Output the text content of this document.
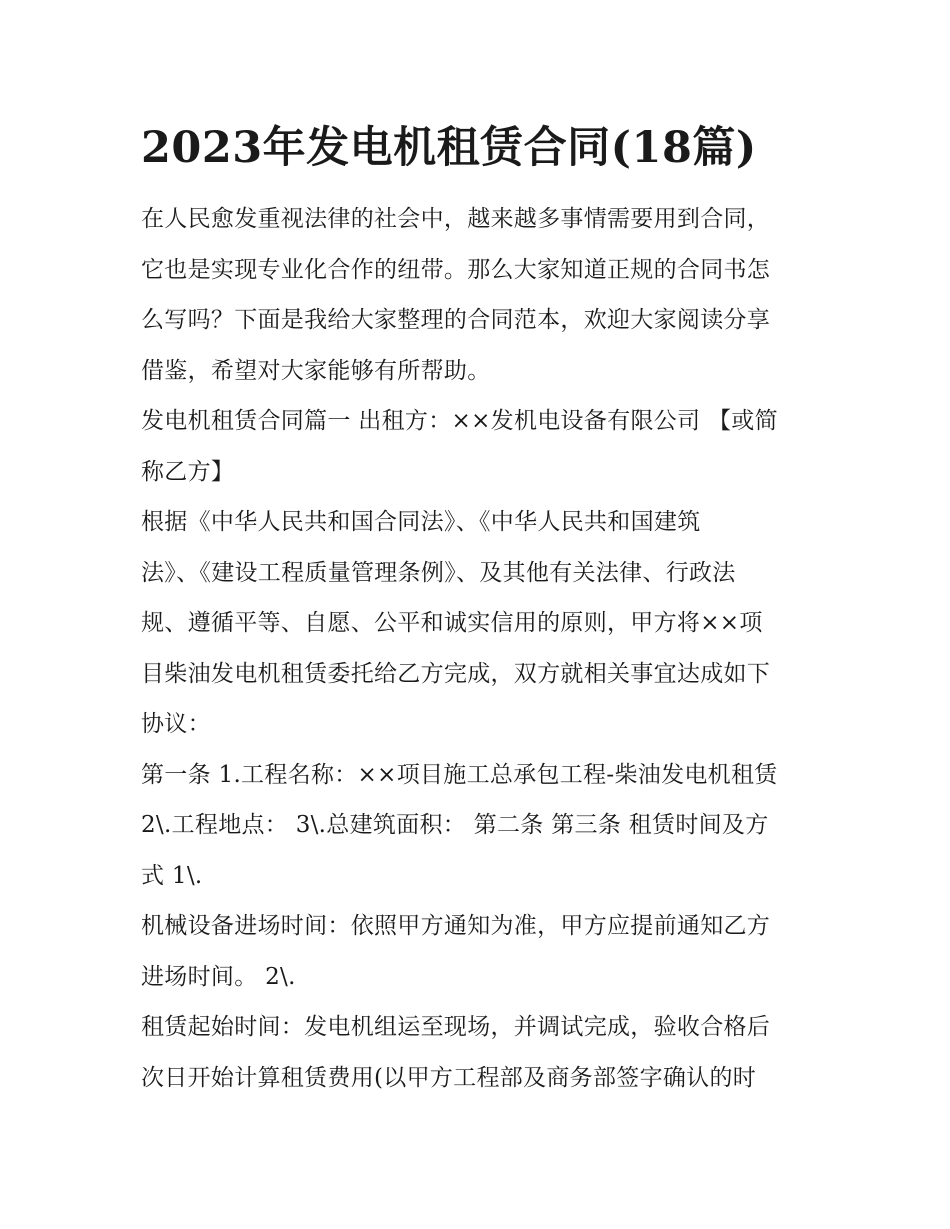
2023年发电机租赁合同(18篇)

在人民愈发重视法律的社会中，越来越多事情需要用到合同，
它也是实现专业化合作的纽带。那么大家知道正规的合同书怎
么写吗？下面是我给大家整理的合同范本，欢迎大家阅读分享
借鉴，希望对大家能够有所帮助。

发电机租赁合同篇一 出租方：××发机电设备有限公司 【或简
称乙方】

根据《中华人民共和国合同法》、《中华人民共和国建筑
法》、《建设工程质量管理条例》、及其他有关法律、行政法
规、遵循平等、自愿、公平和诚实信用的原则，甲方将××项
目柴油发电机租赁委托给乙方完成，双方就相关事宜达成如下
协议：

第一条 1.工程名称：××项目施工总承包工程-柴油发电机租赁
2\.工程地点： 3\.总建筑面积： 第二条 第三条 租赁时间及方
式 1\.

机械设备进场时间：依照甲方通知为准，甲方应提前通知乙方
进场时间。 2\.

租赁起始时间：发电机组运至现场，并调试完成，验收合格后
次日开始计算租赁费用(以甲方工程部及商务部签字确认的时
